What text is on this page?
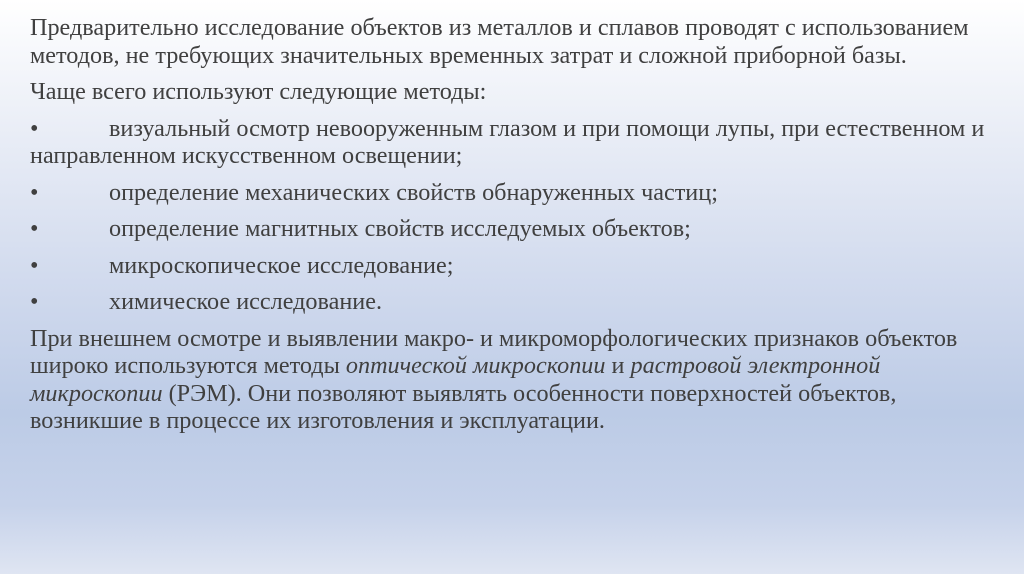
Предварительно исследование объектов из металлов и сплавов проводят с использованием методов, не требующих значительных временных затрат и сложной приборной базы.

Чаще всего используют следующие методы:

•	визуальный осмотр невооруженным глазом и при помощи лупы, при естественном и направленном искусственном освещении;
•	определение механических свойств обнаруженных частиц;
•	определение магнитных свойств исследуемых объектов;
•	микроскопическое исследование;
•	химическое исследование.

При внешнем осмотре и выявлении макро- и микроморфологических признаков объектов широко используются методы оптической микроскопии и растровой электронной микроскопии (РЭМ). Они позволяют выявлять особенности поверхностей объектов, возникшие в процессе их изготовления и эксплуатации.
